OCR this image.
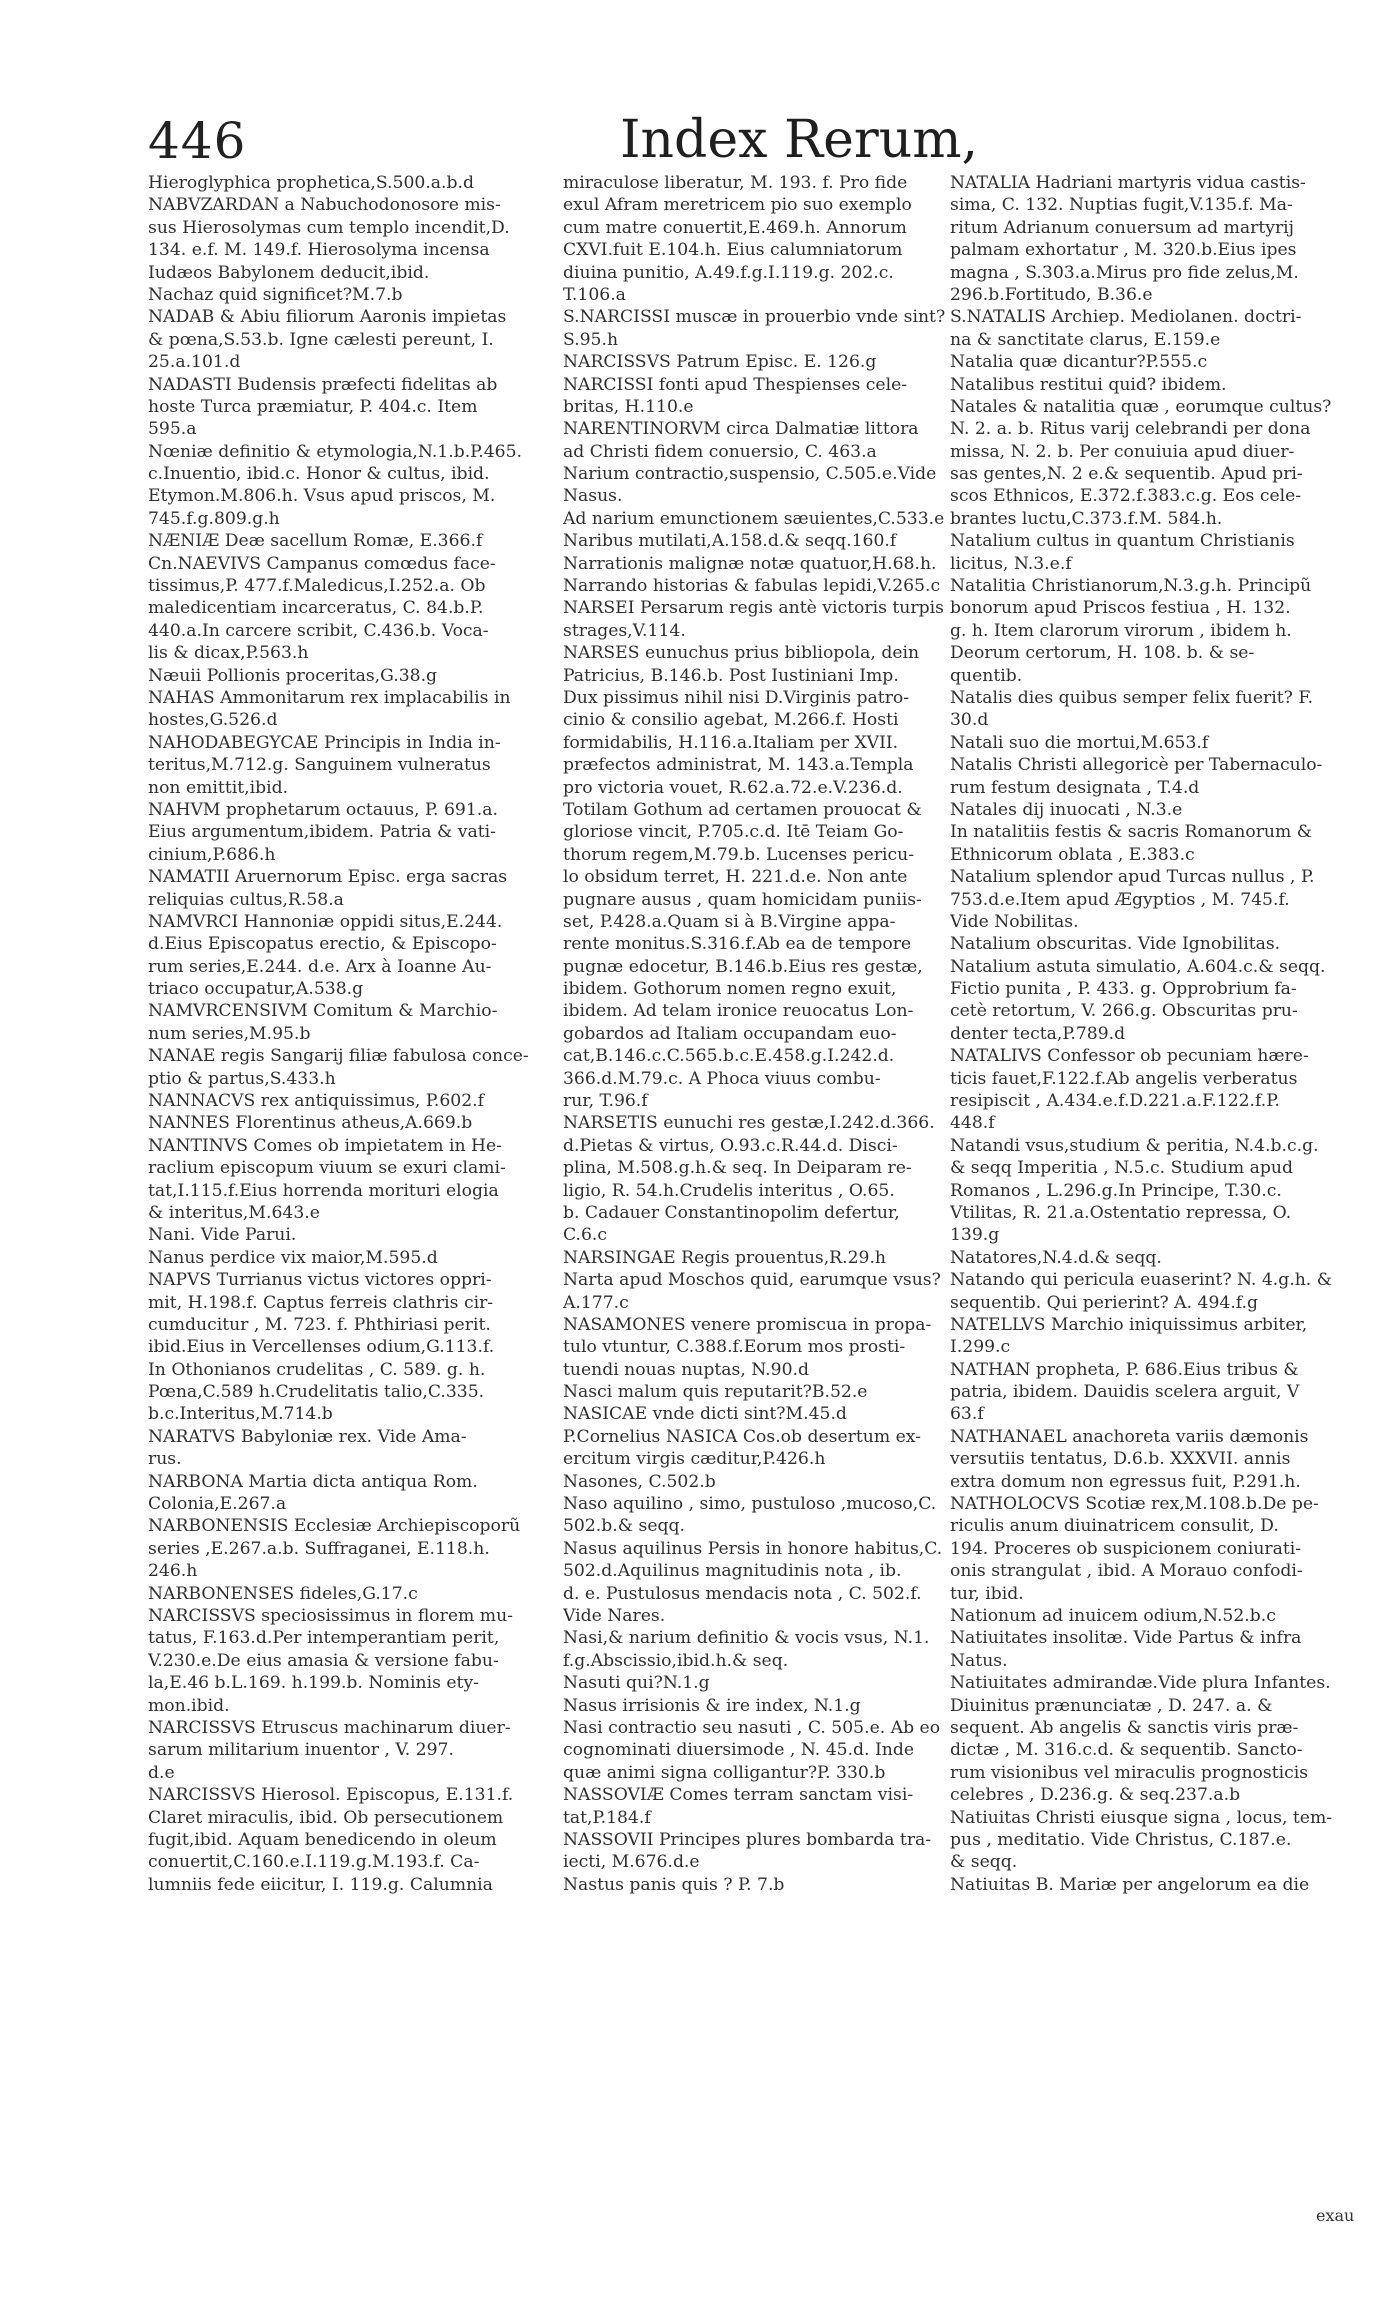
446	Index Rerum,
Hieroglyphica prophetica,S.500.a.b.d
NABVZARDAN a Nabuchodonosore mis-
sus Hierosolymas cum templo incendit,D.
134. e.f. M. 149.f. Hierosolyma incensa
Iudæos Babylonem deducit,ibid.
Nachaz quid significet?M.7.b
NADAB & Abiu filiorum Aaronis impietas
& pœna,S.53.b. Igne cælesti pereunt, I.
25.a.101.d
NADASTI Budensis præfecti fidelitas ab
hoste Turca præmiatur, P. 404.c. Item
595.a
Nœniæ definitio & etymologia,N.1.b.P.465.
c.Inuentio, ibid.c. Honor & cultus, ibid.
Etymon.M.806.h. Vsus apud priscos, M.
745.f.g.809.g.h
NÆNIÆ Deæ sacellum Romæ, E.366.f
Cn.NAEVIVS Campanus comœdus face-
tissimus,P. 477.f.Maledicus,I.252.a. Ob
maledicentiam incarceratus, C. 84.b.P.
440.a.In carcere scribit, C.436.b. Voca-
lis & dicax,P.563.h
Næuii Pollionis proceritas,G.38.g
NAHAS Ammonitarum rex implacabilis in
hostes,G.526.d
NAHODABEGYCAE Principis in India in-
teritus,M.712.g. Sanguinem vulneratus
non emittit,ibid.
NAHVM prophetarum octauus, P. 691.a.
Eius argumentum,ibidem. Patria & vati-
cinium,P.686.h
NAMATII Aruernorum Episc. erga sacras
reliquias cultus,R.58.a
NAMVRCI Hannoniæ oppidi situs,E.244.
d.Eius Episcopatus erectio, & Episcopo-
rum series,E.244. d.e. Arx à Ioanne Au-
triaco occupatur,A.538.g
NAMVRCENSIVM Comitum & Marchio-
num series,M.95.b
NANAE regis Sangarij filiæ fabulosa conce-
ptio & partus,S.433.h
NANNACVS rex antiquissimus, P.602.f
NANNES Florentinus atheus,A.669.b
NANTINVS Comes ob impietatem in He-
raclium episcopum viuum se exuri clami-
tat,I.115.f.Eius horrenda moriturі elogia
& interitus,M.643.e
Nani. Vide Parui.
Nanus perdice vix maior,M.595.d
NAPVS Turrianus victus victores oppri-
mit, H.198.f. Captus ferreis clathris cir-
cumducitur , M. 723. f. Phthiriasi perit.
ibid.Eius in Vercellenses odium,G.113.f.
In Othonianos crudelitas , C. 589. g. h.
Pœna,C.589 h.Crudelitatis talio,C.335.
b.c.Interitus,M.714.b
NARATVS Babyloniæ rex. Vide Ama-
rus.
NARBONA Martia dicta antiqua Rom.
Colonia,E.267.a
NARBONENSIS Ecclesiæ Archiepiscoporũ
series ,E.267.a.b. Suffraganei, E.118.h.
246.h
NARBONENSES fideles,G.17.c
NARCISSVS speciosissimus in florem mu-
tatus, F.163.d.Per intemperantiam perit,
V.230.e.De eius amasia & versione fabu-
la,E.46 b.L.169. h.199.b. Nominis ety-
mon.ibid.
NARCISSVS Etruscus machinarum diuer-
sarum militarium inuentor , V. 297.
d.e
NARCISSVS Hierosol. Episcopus, E.131.f.
Claret miraculis, ibid. Ob persecutionem
fugit,ibid. Aquam benedicendo in oleum
conuertit,C.160.e.I.119.g.M.193.f. Ca-
lumniis fede eiicitur, I. 119.g. Calumnia
miraculose liberatur, M. 193. f. Pro fide
exul Afram meretricem pio suo exemplo
cum matre conuertit,E.469.h. Annorum
CXVI.fuit E.104.h. Eius calumniatorum
diuina punitio, A.49.f.g.I.119.g. 202.c.
T.106.a
S.NARCISSI muscæ in prouerbio vnde sint?
S.95.h
NARCISSVS Patrum Episc. E. 126.g
NARCISSI fonti apud Thespienses cele-
britas, H.110.e
NARENTINORVM circa Dalmatiæ littora
ad Christi fidem conuersio, C. 463.a
Narium contractio,suspensio, C.505.e.Vide
Nasus.
Ad narium emunctionem sæuientes,C.533.e
Naribus mutilati,A.158.d.& seqq.160.f
Narrationis malignæ notæ quatuor,H.68.h.
Narrando historias & fabulas lepidi,V.265.c
NARSEI Persarum regis antè victoris turpis
strages,V.114.
NARSES eunuchus prius bibliopola, dein
Patricius, B.146.b. Post Iustiniani Imp.
Dux pissimus nihil nisi D.Virginis patro-
cinio & consilio agebat, M.266.f. Hosti
formidabilis, H.116.a.Italiam per XVII.
præfectos administrat, M. 143.a.Templa
pro victoria vouet, R.62.a.72.e.V.236.d.
Totilam Gothum ad certamen prouocat &
gloriose vincit, P.705.c.d. Itē Teiam Go-
thorum regem,M.79.b. Lucenses pericu-
lo obsidum terret, H. 221.d.e. Non ante
pugnare ausus , quam homicidam puniis-
set, P.428.a.Quam si à B.Virgine appa-
rente monitus.S.316.f.Ab ea de tempore
pugnæ edocetur, B.146.b.Eius res gestæ,
ibidem. Gothorum nomen regno exuit,
ibidem. Ad telam ironice reuocatus Lon-
gobardos ad Italiam occupandam euo-
cat,B.146.c.C.565.b.c.E.458.g.I.242.d.
366.d.M.79.c. A Phoca viuus combu-
rur, T.96.f
NARSETIS eunuchi res gestæ,I.242.d.366.
d.Pietas & virtus, O.93.c.R.44.d. Disci-
plina, M.508.g.h.& seq. In Deiparam re-
ligio, R. 54.h.Crudelis interitus , O.65.
b. Cadauer Constantinopolim defertur,
C.6.c
NARSINGAE Regis prouentus,R.29.h
Narta apud Moschos quid, earumque vsus?
A.177.c
NASAMONES venere promiscua in propa-
tulo vtuntur, C.388.f.Eorum mos prosti-
tuendi nouas nuptas, N.90.d
Nasci malum quis reputarit?B.52.e
NASICAE vnde dicti sint?M.45.d
P.Cornelius NASICA Cos.ob desertum ex-
ercitum virgis cæditur,P.426.h
Nasones, C.502.b
Naso aquilino , simo, pustuloso ,mucoso,C.
502.b.& seqq.
Nasus aquilinus Persis in honore habitus,C.
502.d.Aquilinus magnitudinis nota , ib.
d. e. Pustulosus mendacis nota , C. 502.f.
Vide Nares.
Nasi,& narium definitio & vocis vsus, N.1.
f.g.Abscissio,ibid.h.& seq.
Nasuti qui?N.1.g
Nasus irrisionis & ire index, N.1.g
Nasi contractio seu nasuti , C. 505.e. Ab eo
cognominati diuersimode , N. 45.d. Inde
quæ animi signa colligantur?P. 330.b
NASSOVIÆ Comes terram sanctam visi-
tat,P.184.f
NASSOVII Principes plures bombarda tra-
iecti, M.676.d.e
Nastus panis quis ? P. 7.b
NATALIA Hadriani martyris vidua castis-
sima, C. 132. Nuptias fugit,V.135.f. Ma-
ritum Adrianum conuersum ad martyrij
palmam exhortatur , M. 320.b.Eius ipes
magna , S.303.a.Mirus pro fide zelus,M.
296.b.Fortitudo, B.36.e
S.NATALIS Archiep. Mediolanen. doctri-
na & sanctitate clarus, E.159.e
Natalia quæ dicantur?P.555.c
Natalibus restitui quid? ibidem.
Natales & natalitia quæ , eorumque cultus?
N. 2. a. b. Ritus varij celebrandi per dona
missa, N. 2. b. Per conuiuia apud diuer-
sas gentes,N. 2 e.& sequentib. Apud pri-
scos Ethnicos, E.372.f.383.c.g. Eos cele-
brantes luctu,C.373.f.M. 584.h.
Natalium cultus in quantum Christianis
licitus, N.3.e.f
Natalitia Christianorum,N.3.g.h. Principũ
bonorum apud Priscos festiua , H. 132.
g. h. Item clarorum virorum , ibidem h.
Deorum certorum, H. 108. b. & se-
quentib.
Natalis dies quibus semper felix fuerit? F.
30.d
Natali suo die mortui,M.653.f
Natalis Christi allegoricè per Tabernaculo-
rum festum designata , T.4.d
Natales dij inuocati , N.3.e
In natalitiis festis & sacris Romanorum &
Ethnicorum oblata , E.383.c
Natalium splendor apud Turcas nullus , P.
753.d.e.Item apud Ægyptios , M. 745.f.
Vide Nobilitas.
Natalium obscuritas. Vide Ignobilitas.
Natalium astuta simulatio, A.604.c.& seqq.
Fictio punita , P. 433. g. Opprobrium fa-
cetè retortum, V. 266.g. Obscuritas pru-
denter tecta,P.789.d
NATALIVS Confessor ob pecuniam hære-
ticis fauet,F.122.f.Ab angelis verberatus
resipiscit , A.434.e.f.D.221.a.F.122.f.P.
448.f
Natandi vsus,studium & peritia, N.4.b.c.g.
& seqq Imperitia , N.5.c. Studium apud
Romanos , L.296.g.In Principe, T.30.c.
Vtilitas, R. 21.a.Ostentatio repressa, O.
139.g
Natatores,N.4.d.& seqq.
Natando qui pericula euaserint? N. 4.g.h. &
sequentib. Qui perierint? A. 494.f.g
NATELLVS Marchio iniquissimus arbiter,
I.299.c
NATHAN propheta, P. 686.Eius tribus &
patria, ibidem. Dauidis scelera arguit, V
63.f
NATHANAEL anachoreta variis dæmonis
versutiis tentatus, D.6.b. XXXVII. annis
extra domum non egressus fuit, P.291.h.
NATHOLOCVS Scotiæ rex,M.108.b.De pe-
riculis anum diuinatricem consulit, D.
194. Proceres ob suspicionem coniurati-
onis strangulat , ibid. A Morauo confodi-
tur, ibid.
Nationum ad inuicem odium,N.52.b.c
Natiuitates insolitæ. Vide Partus & infra
Natus.
Natiuitates admirandæ.Vide plura Infantes.
Diuinitus prænunciatæ , D. 247. a. &
sequent. Ab angelis & sanctis viris præ-
dictæ , M. 316.c.d. & sequentib. Sancto-
rum visionibus vel miraculis prognosticis
celebres , D.236.g. & seq.237.a.b
Natiuitas Christi eiusque signa , locus, tem-
pus , meditatio. Vide Christus, C.187.e.
& seqq.
Natiuitas B. Mariæ per angelorum ea die
exau
